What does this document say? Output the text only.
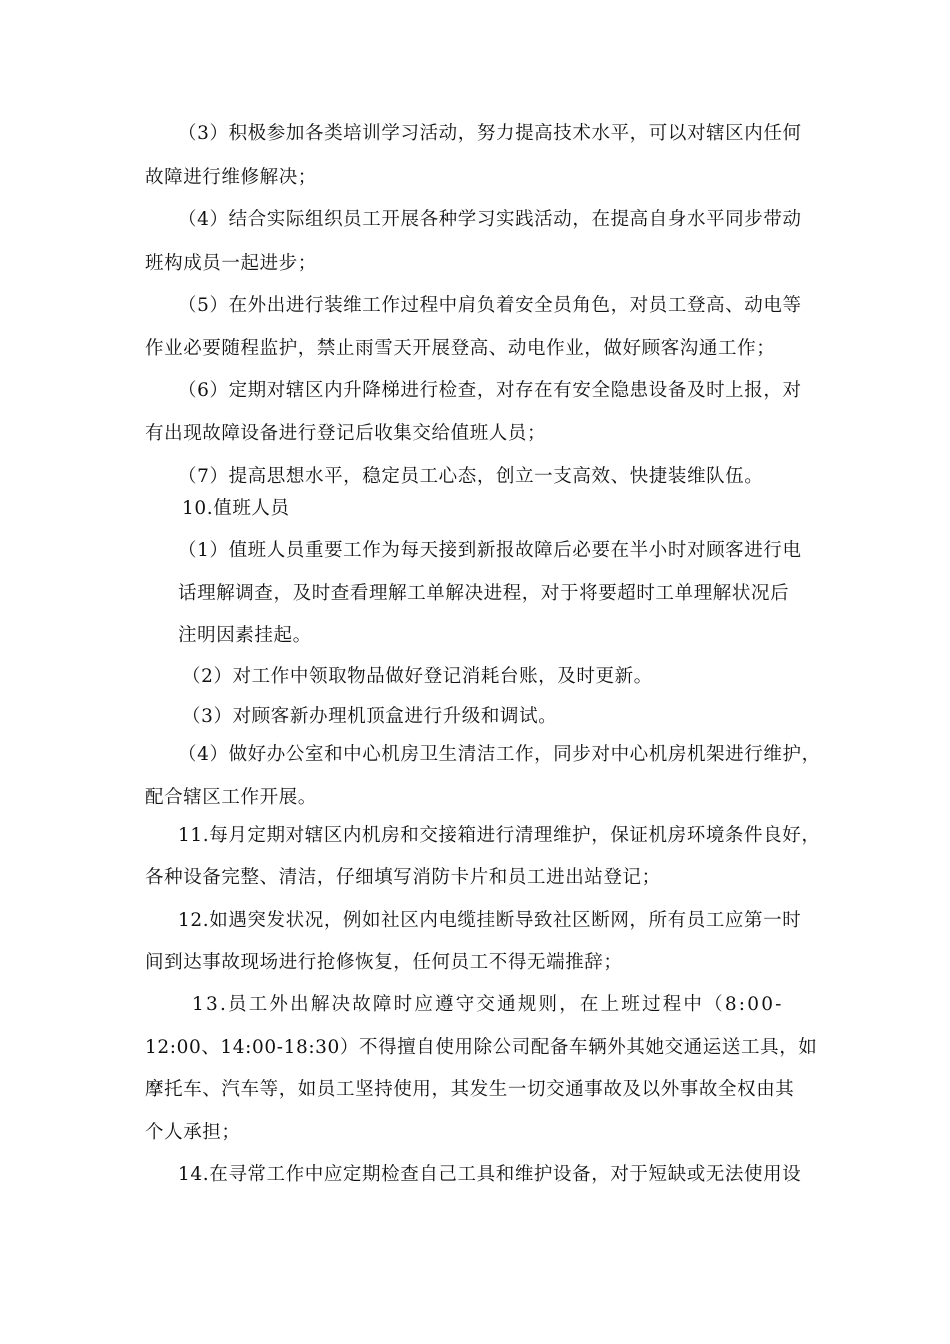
（3）积极参加各类培训学习活动，努力提高技术水平，可以对辖区内任何
故障进行维修解决；
（4）结合实际组织员工开展各种学习实践活动，在提高自身水平同步带动
班构成员一起进步；
（5）在外出进行装维工作过程中肩负着安全员角色，对员工登高、动电等
作业必要随程监护，禁止雨雪天开展登高、动电作业，做好顾客沟通工作；
（6）定期对辖区内升降梯进行检查，对存在有安全隐患设备及时上报，对
有出现故障设备进行登记后收集交给值班人员；
（7）提高思想水平，稳定员工心态，创立一支高效、快捷装维队伍。
10.值班人员
（1）值班人员重要工作为每天接到新报故障后必要在半小时对顾客进行电
话理解调查，及时查看理解工单解决进程，对于将要超时工单理解状况后
注明因素挂起。
（2）对工作中领取物品做好登记消耗台账，及时更新。
（3）对顾客新办理机顶盒进行升级和调试。
（4）做好办公室和中心机房卫生清洁工作，同步对中心机房机架进行维护，
配合辖区工作开展。
11.每月定期对辖区内机房和交接箱进行清理维护，保证机房环境条件良好，
各种设备完整、清洁，仔细填写消防卡片和员工进出站登记；
12.如遇突发状况，例如社区内电缆挂断导致社区断网，所有员工应第一时
间到达事故现场进行抢修恢复，任何员工不得无端推辞；
13.员工外出解决故障时应遵守交通规则，在上班过程中（8:00-
12:00、14:00-18:30）不得擅自使用除公司配备车辆外其她交通运送工具，如
摩托车、汽车等，如员工坚持使用，其发生一切交通事故及以外事故全权由其
个人承担；
14.在寻常工作中应定期检查自己工具和维护设备，对于短缺或无法使用设
